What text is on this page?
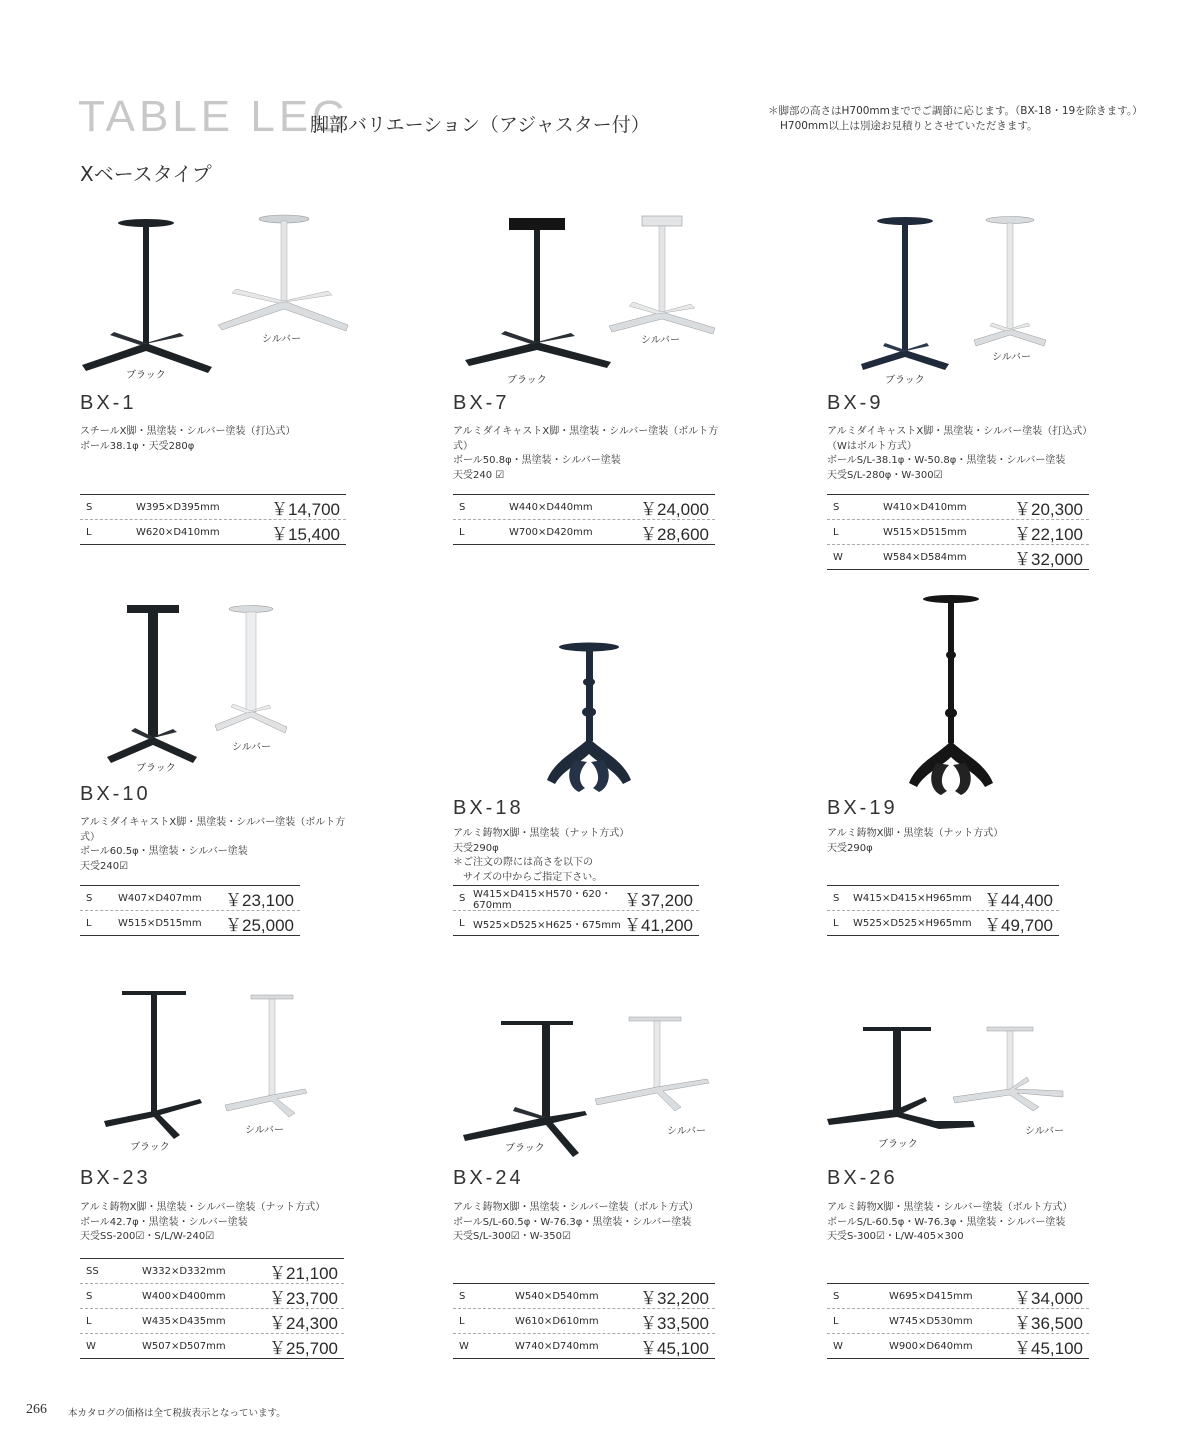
TABLE LEG
脚部バリエーション（アジャスター付）
＊脚部の高さはH700mmまででご調節に応じます。（BX-18・19を除きます。）
H700mm以上は別途お見積りとさせていただきます。
Xベースタイプ
ブラック
シルバー
BX-1
スチールX脚・黒塗装・シルバー塗装（打込式）
ボール38.1φ・天受280φ
S	W395×D395mm	￥14,700
L	W620×D410mm	￥15,400
ブラック
シルバー
BX-7
アルミダイキャストX脚・黒塗装・シルバー塗装（ボルト方式）
ボール50.8φ・黒塗装・シルバー塗装
天受240 ☑
S	W440×D440mm	￥24,000
L	W700×D420mm	￥28,600
ブラック
シルバー
BX-9
アルミダイキャストX脚・黒塗装・シルバー塗装（打込式）
（Wはボルト方式）
ボールS/L-38.1φ・W-50.8φ・黒塗装・シルバー塗装
天受S/L-280φ・W-300☑
S	W410×D410mm	￥20,300
L	W515×D515mm	￥22,100
W	W584×D584mm	￥32,000
ブラック
シルバー
BX-10
アルミダイキャストX脚・黒塗装・シルバー塗装（ボルト方式）
ボール60.5φ・黒塗装・シルバー塗装
天受240☑
S	W407×D407mm	￥23,100
L	W515×D515mm	￥25,000
BX-18
アルミ鋳物X脚・黒塗装（ナット方式）
天受290φ
＊ご注文の際には高さを以下の
　サイズの中からご指定下さい。
S W415×D415×H570・620・670mm	￥37,200
L W525×D525×H625・675mm ￥41,200
BX-19
アルミ鋳物X脚・黒塗装（ナット方式）
天受290φ
S	W415×D415×H965mm ￥44,400
L	W525×D525×H965mm ￥49,700
ブラック
シルバー
BX-23
アルミ鋳物X脚・黒塗装・シルバー塗装（ナット方式）
ボール42.7φ・黒塗装・シルバー塗装
天受SS-200☑・S/L/W-240☑
SS	W332×D332mm	￥21,100
S	W400×D400mm	￥23,700
L	W435×D435mm	￥24,300
W	W507×D507mm	￥25,700
ブラック
シルバー
BX-24
アルミ鋳物X脚・黒塗装・シルバー塗装（ボルト方式）
ボールS/L-60.5φ・W-76.3φ・黒塗装・シルバー塗装
天受S/L-300☑・W-350☑
S	W540×D540mm	￥32,200
L	W610×D610mm	￥33,500
W	W740×D740mm	￥45,100
ブラック
シルバー
BX-26
アルミ鋳物X脚・黒塗装・シルバー塗装（ボルト方式）
ボールS/L-60.5φ・W-76.3φ・黒塗装・シルバー塗装
天受S-300☑・L/W-405×300
S	W695×D415mm	￥34,000
L	W745×D530mm	￥36,500
W	W900×D640mm	￥45,100
266 本カタログの価格は全て税抜表示となっています。
